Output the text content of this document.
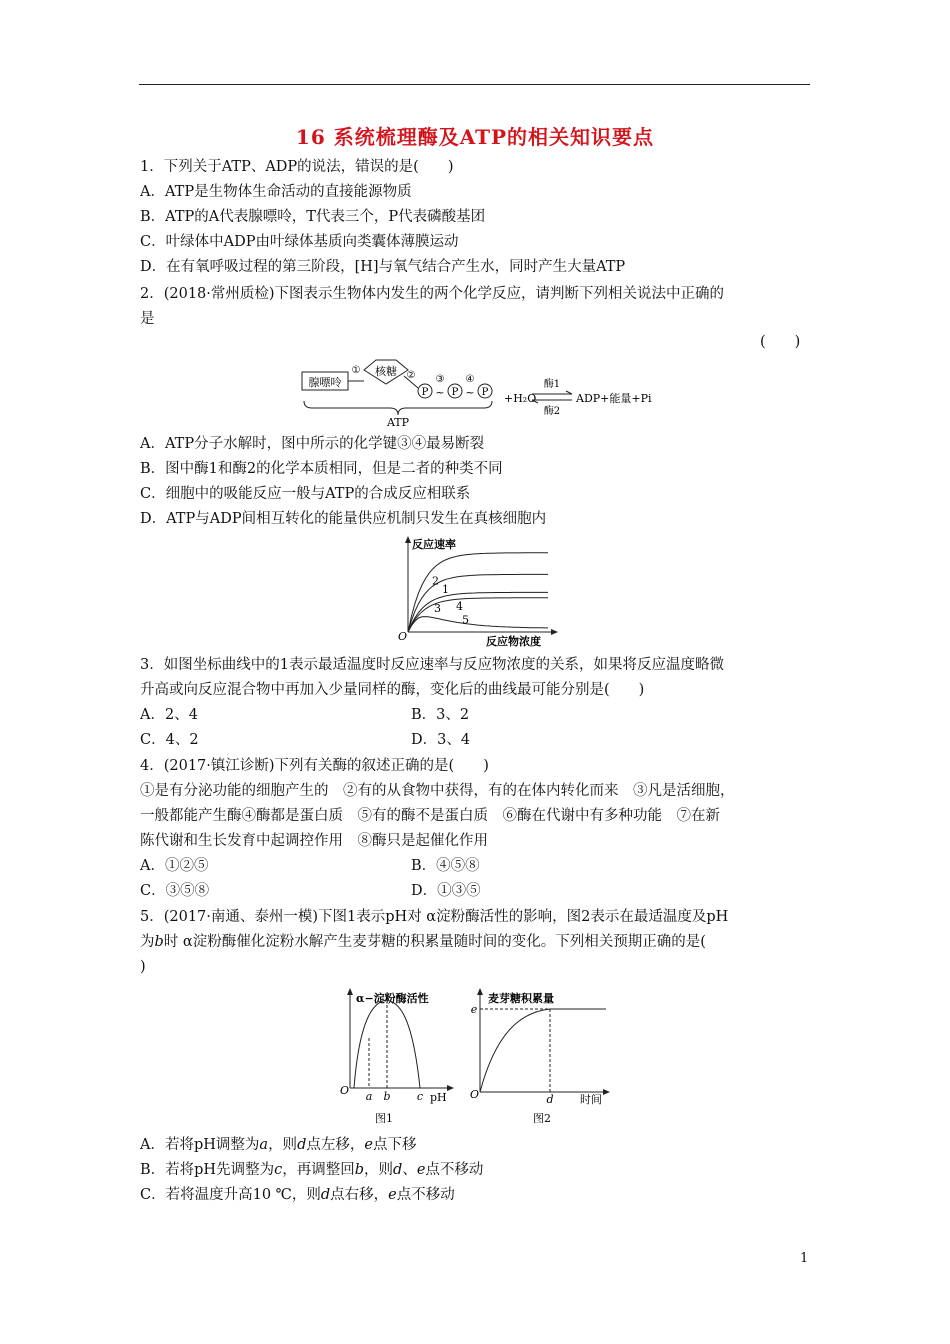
16 系统梳理酶及ATP的相关知识要点
1．下列关于ATP、ADP的说法，错误的是(　　)
A．ATP是生物体生命活动的直接能源物质
B．ATP的A代表腺嘌呤，T代表三个，P代表磷酸基团
C．叶绿体中ADP由叶绿体基质向类囊体薄膜运动
D．在有氧呼吸过程的第三阶段，[H]与氧气结合产生水，同时产生大量ATP
2．(2018·常州质检)下图表示生物体内发生的两个化学反应，请判断下列相关说法中正确的
是
(　　)
腺嘌呤
① 核糖 ②
P
③
~ P
④
~ P
ATP
+H₂O
酶1
酶2
ADP+能量+Pi
A．ATP分子水解时，图中所示的化学键③④最易断裂
B．图中酶1和酶2的化学本质相同，但是二者的种类不同
C．细胞中的吸能反应一般与ATP的合成反应相联系
D．ATP与ADP间相互转化的能量供应机制只发生在真核细胞内
反应速率
反应物浓度
O
1
2
3 4
5
3．如图坐标曲线中的1表示最适温度时反应速率与反应物浓度的关系，如果将反应温度略微
升高或向反应混合物中再加入少量同样的酶，变化后的曲线最可能分别是(　　)
A．2、4	B．3、2
C．4、2	D．3、4
4．(2017·镇江诊断)下列有关酶的叙述正确的是(　　)
①是有分泌功能的细胞产生的　②有的从食物中获得，有的在体内转化而来　③凡是活细胞，
一般都能产生酶④酶都是蛋白质　⑤有的酶不是蛋白质　⑥酶在代谢中有多种功能　⑦在新
陈代谢和生长发育中起调控作用　⑧酶只是起催化作用
A．①②⑤	B．④⑤⑧
C．③⑤⑧	D．①③⑤
5．(2017·南通、泰州一模)下图1表示pH对 α淀粉酶活性的影响，图2表示在最适温度及pH
为b时 α淀粉酶催化淀粉水解产生麦芽糖的积累量随时间的变化。下列相关预期正确的是(
)
α−淀粉酶活性
pH
O a b c
图1
麦芽糖积累量
时间
O
e
d
图2
A．若将pH调整为a，则d点左移，e点下移
B．若将pH先调整为c，再调整回b，则d、e点不移动
C．若将温度升高10 ℃，则d点右移，e点不移动
1
